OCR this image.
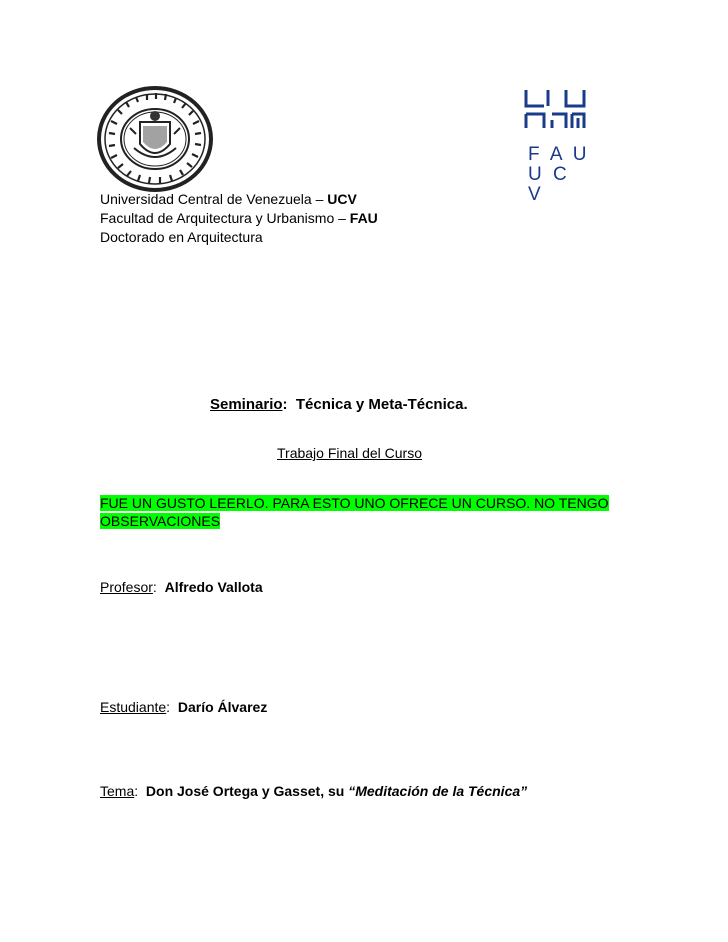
F A U
U C V
Universidad Central de Venezuela – UCV
Facultad de Arquitectura y Urbanismo – FAU
Doctorado en Arquitectura
Seminario: Técnica y Meta-Técnica.
Trabajo Final del Curso
FUE UN GUSTO LEERLO. PARA ESTO UNO OFRECE UN CURSO. NO TENGO
OBSERVACIONES
Profesor:  Alfredo Vallota
Estudiante:  Darío Álvarez
Tema:  Don José Ortega y Gasset, su “Meditación de la Técnica”
